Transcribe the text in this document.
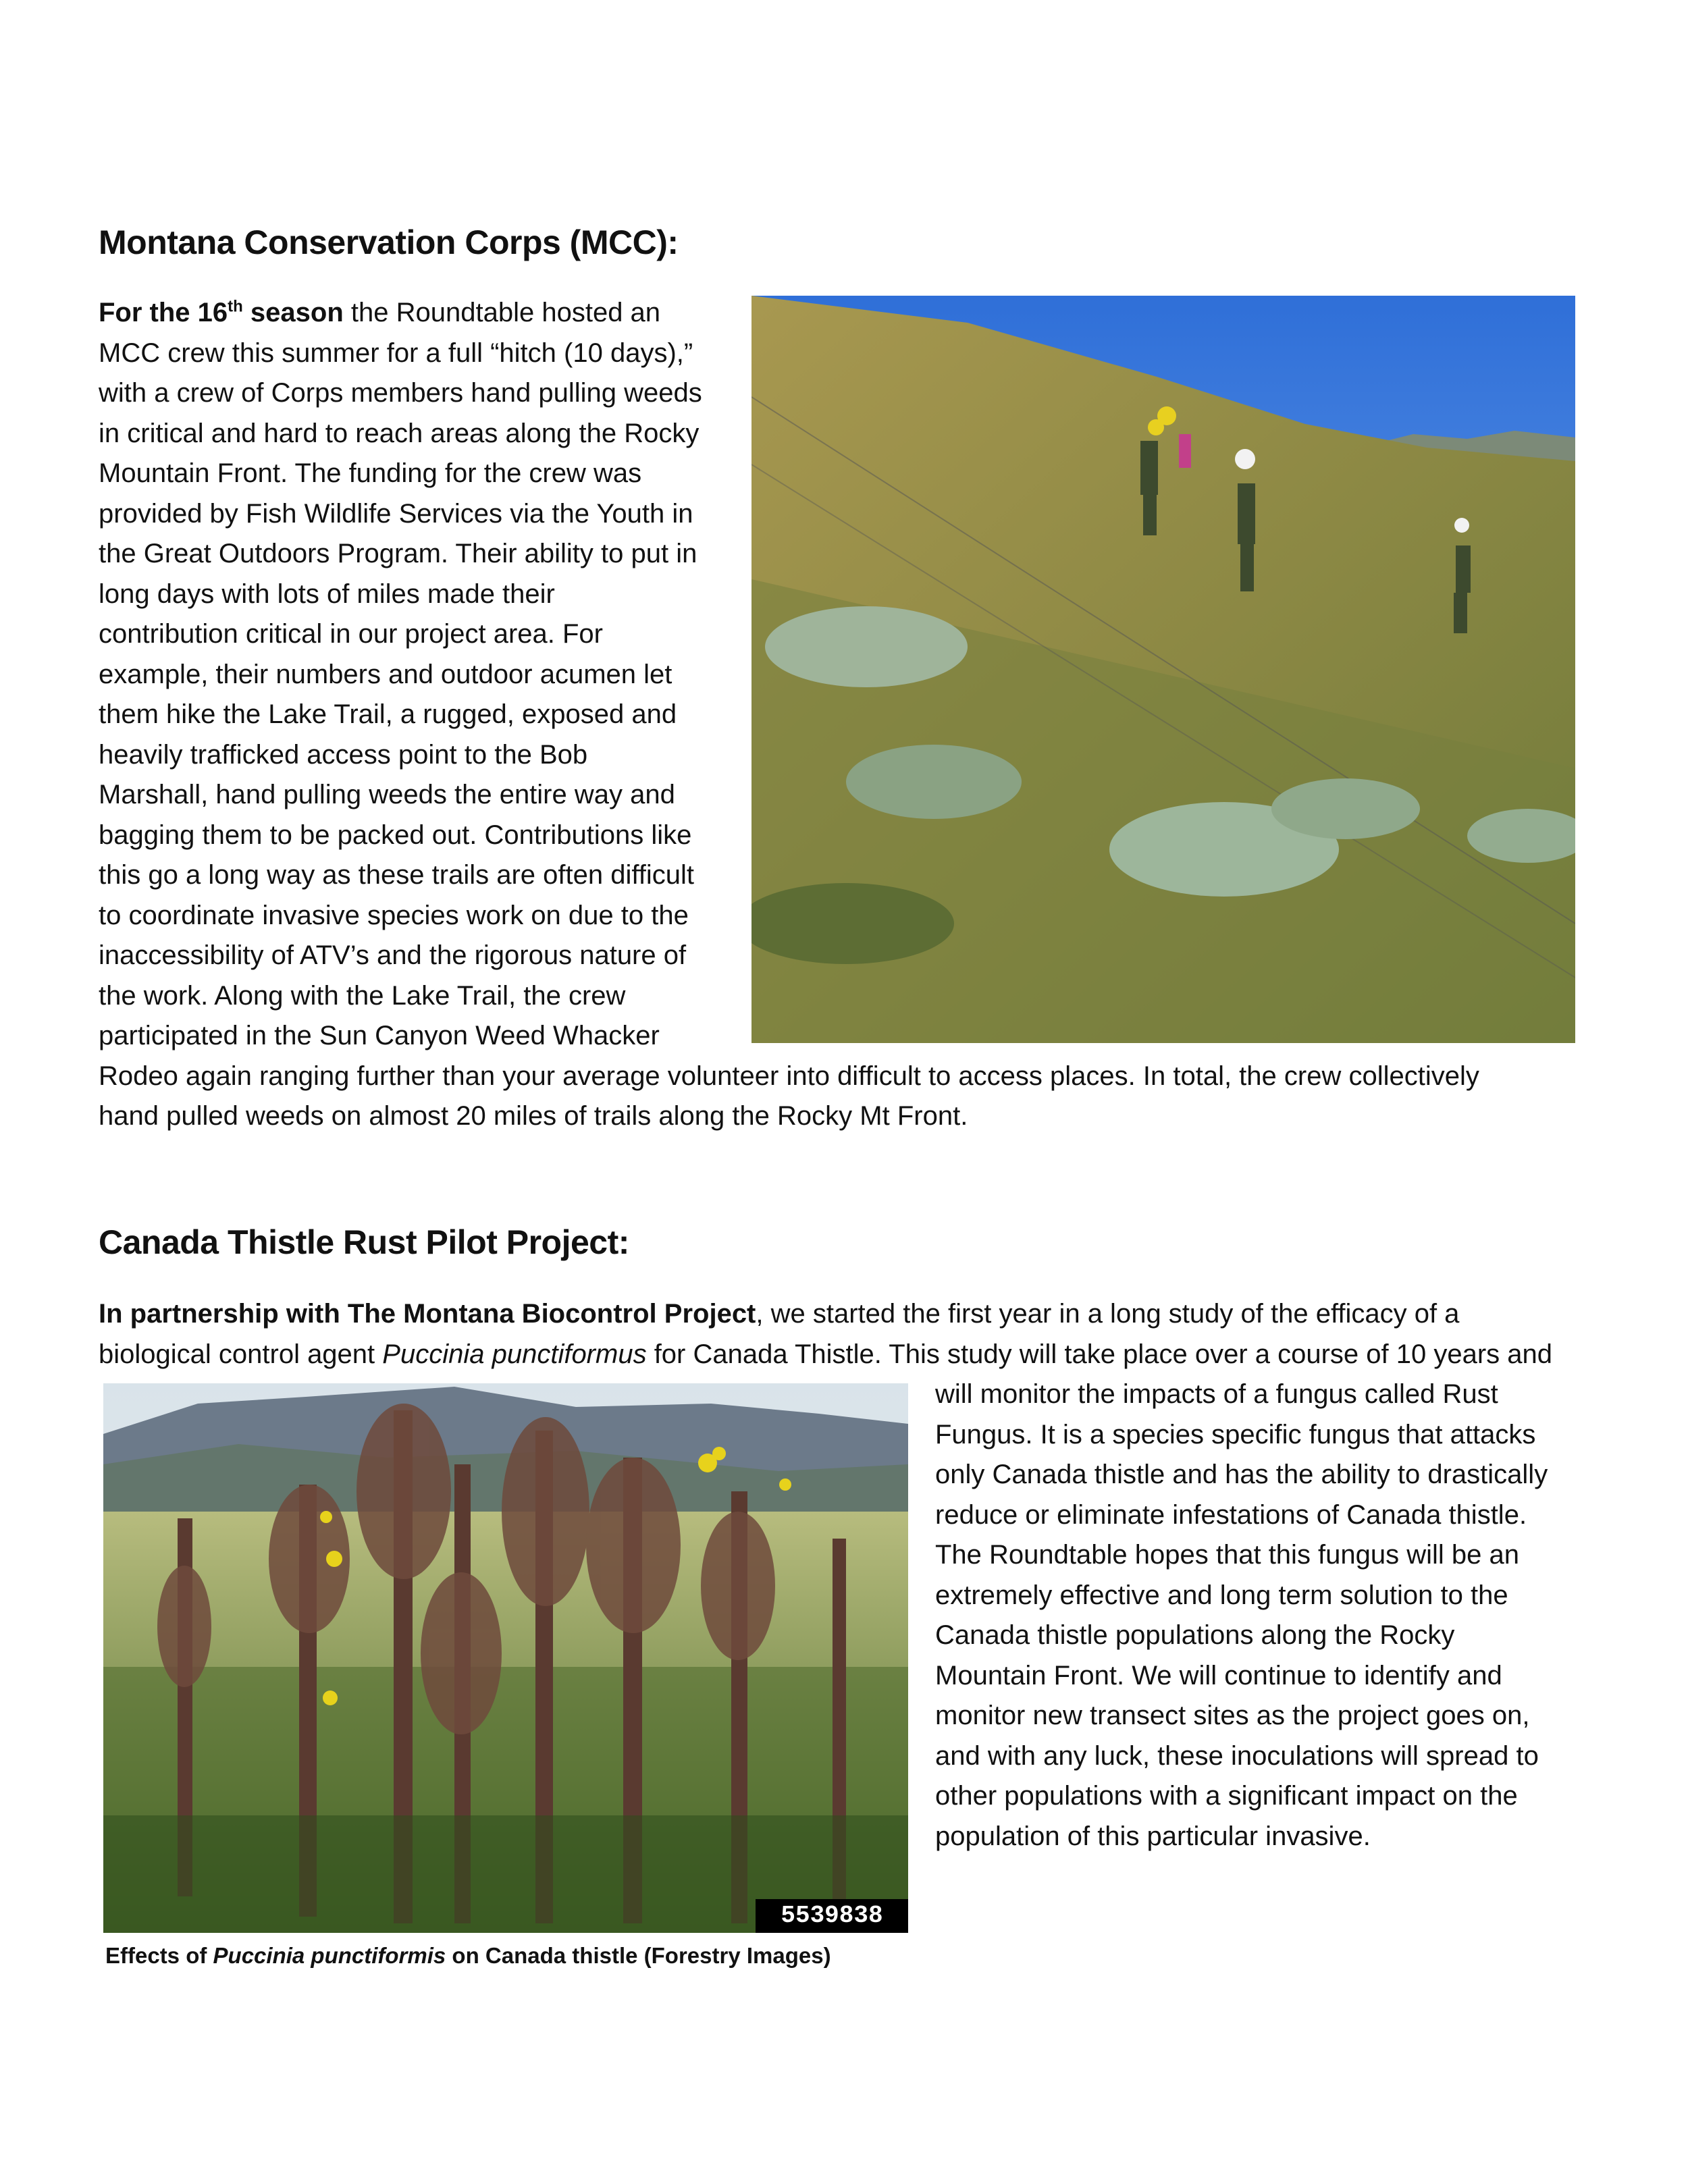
Montana Conservation Corps (MCC):
For the 16th season the Roundtable hosted an
MCC crew this summer for a full “hitch (10 days),”
with a crew of Corps members hand pulling weeds
in critical and hard to reach areas along the Rocky
Mountain Front. The funding for the crew was
provided by Fish Wildlife Services via the Youth in
the Great Outdoors Program. Their ability to put in
long days with lots of miles made their
contribution critical in our project area. For
example, their numbers and outdoor acumen let
them hike the Lake Trail, a rugged, exposed and
heavily trafficked access point to the Bob
Marshall, hand pulling weeds the entire way and
bagging them to be packed out. Contributions like
this go a long way as these trails are often difficult
to coordinate invasive species work on due to the
inaccessibility of ATV’s and the rigorous nature of
the work. Along with the Lake Trail, the crew
participated in the Sun Canyon Weed Whacker
Rodeo again ranging further than your average volunteer into difficult to access places. In total, the crew collectively
hand pulled weeds on almost 20 miles of trails along the Rocky Mt Front.
Canada Thistle Rust Pilot Project:
In partnership with The Montana Biocontrol Project, we started the first year in a long study of the efficacy of a
biological control agent Puccinia punctiformus for Canada Thistle. This study will take place over a course of 10 years and
will monitor the impacts of a fungus called Rust
Fungus. It is a species specific fungus that attacks
only Canada thistle and has the ability to drastically
reduce or eliminate infestations of Canada thistle.
The Roundtable hopes that this fungus will be an
extremely effective and long term solution to the
Canada thistle populations along the Rocky
Mountain Front. We will continue to identify and
monitor new transect sites as the project goes on,
and with any luck, these inoculations will spread to
other populations with a significant impact on the
population of this particular invasive.
5539838

Effects of Puccinia punctiformis on Canada thistle (Forestry Images)
